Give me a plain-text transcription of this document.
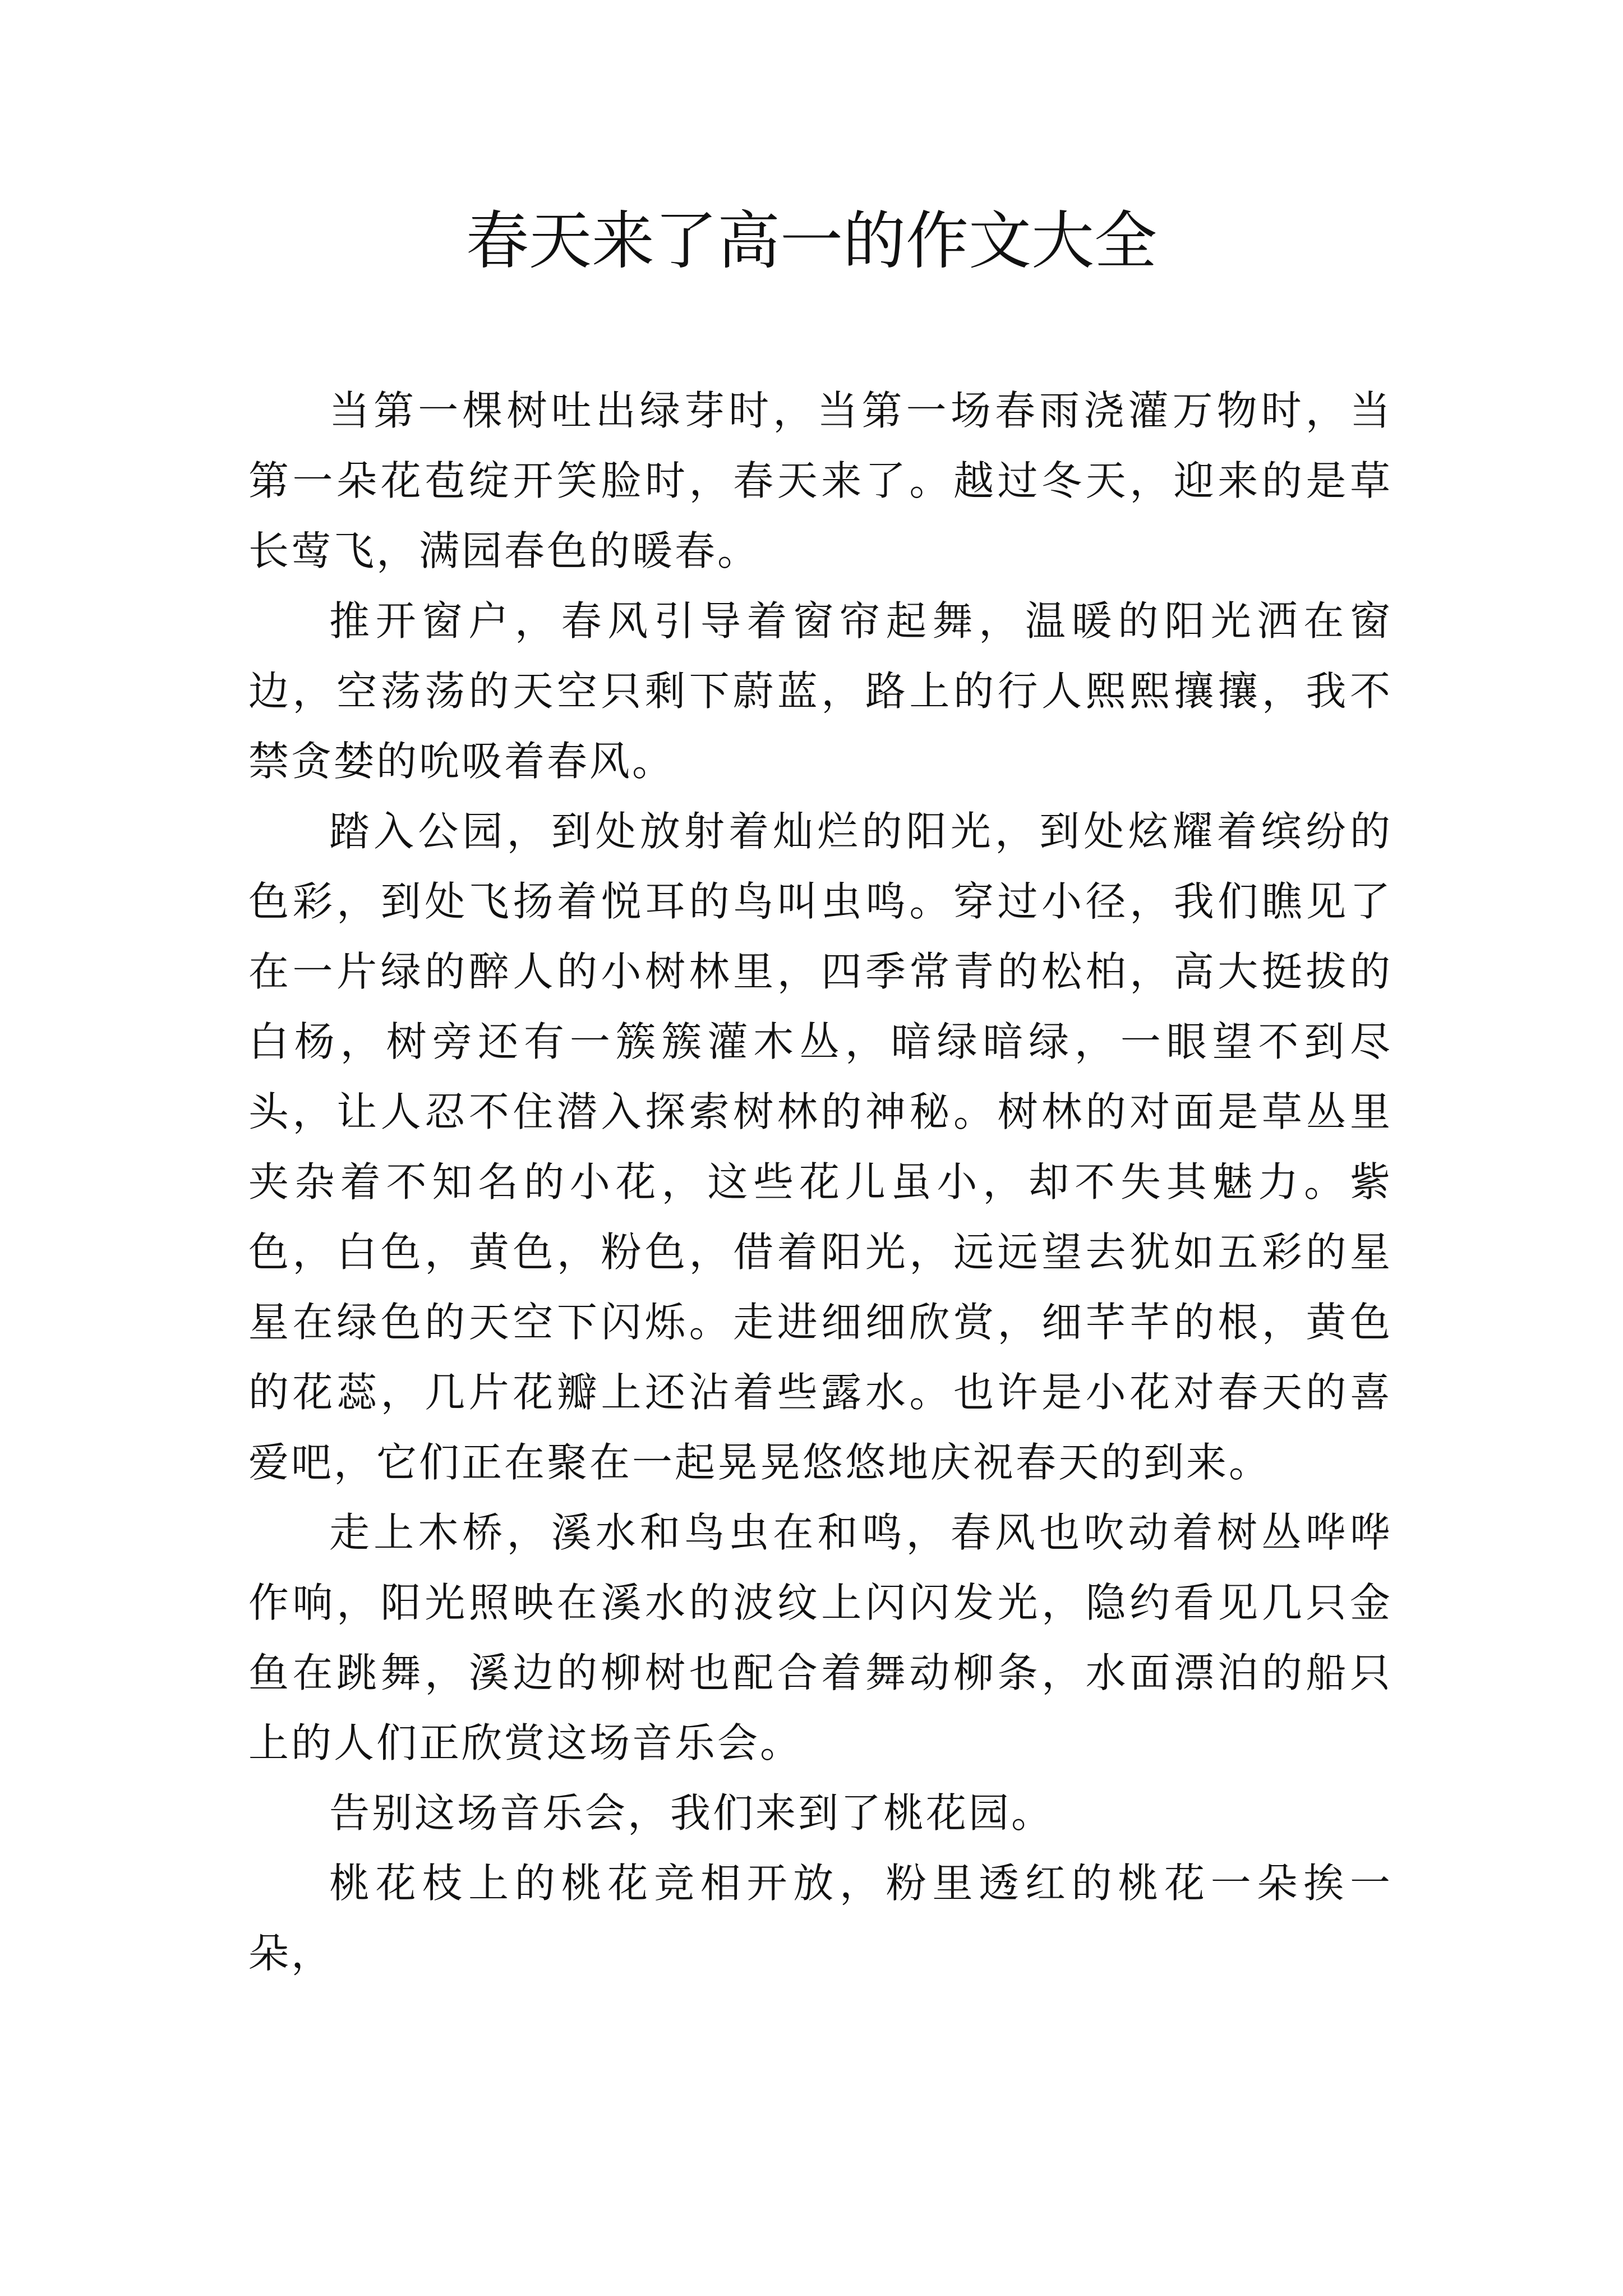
春天来了高一的作文大全

当第一棵树吐出绿芽时，当第一场春雨浇灌万物时，当第一朵花苞绽开笑脸时，春天来了。越过冬天，迎来的是草长莺飞，满园春色的暖春。

推开窗户，春风引导着窗帘起舞，温暖的阳光洒在窗边，空荡荡的天空只剩下蔚蓝，路上的行人熙熙攘攘，我不禁贪婪的吮吸着春风。

踏入公园，到处放射着灿烂的阳光，到处炫耀着缤纷的色彩，到处飞扬着悦耳的鸟叫虫鸣。穿过小径，我们瞧见了在一片绿的醉人的小树林里，四季常青的松柏，高大挺拔的白杨，树旁还有一簇簇灌木丛，暗绿暗绿，一眼望不到尽头，让人忍不住潜入探索树林的神秘。树林的对面是草丛里夹杂着不知名的小花，这些花儿虽小，却不失其魅力。紫色，白色，黄色，粉色，借着阳光，远远望去犹如五彩的星星在绿色的天空下闪烁。走进细细欣赏，细芊芊的根，黄色的花蕊，几片花瓣上还沾着些露水。也许是小花对春天的喜爱吧，它们正在聚在一起晃晃悠悠地庆祝春天的到来。

走上木桥，溪水和鸟虫在和鸣，春风也吹动着树丛哗哗作响，阳光照映在溪水的波纹上闪闪发光，隐约看见几只金鱼在跳舞，溪边的柳树也配合着舞动柳条，水面漂泊的船只上的人们正欣赏这场音乐会。

告别这场音乐会，我们来到了桃花园。

桃花枝上的桃花竞相开放，粉里透红的桃花一朵挨一朵，
